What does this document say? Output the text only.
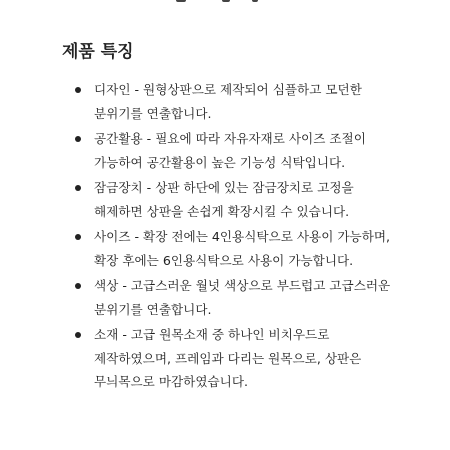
제품 특징
디자인 - 원형상판으로 제작되어 심플하고 모던한 분위기를 연출합니다.
공간활용 - 필요에 따라 자유자재로 사이즈 조절이 가능하여 공간활용이 높은 기능성 식탁입니다.
잠금장치 - 상판 하단에 있는 잠금장치로 고정을 해제하면 상판을 손쉽게 확장시킬 수 있습니다.
사이즈 - 확장 전에는 4인용식탁으로 사용이 가능하며, 확장 후에는 6인용식탁으로 사용이 가능합니다.
색상 - 고급스러운 월넛 색상으로 부드럽고 고급스러운 분위기를 연출합니다.
소재 - 고급 원목소재 중 하나인 비치우드로 제작하였으며, 프레임과 다리는 원목으로, 상판은 무늬목으로 마감하였습니다.
